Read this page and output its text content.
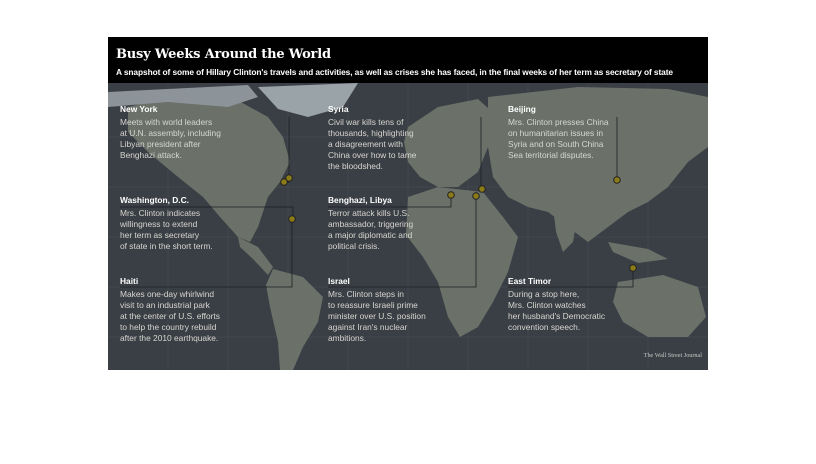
Busy Weeks Around the World
A snapshot of some of Hillary Clinton's travels and activities, as well as crises she has faced, in the final weeks of her term as secretary of state
New York
Meets with world leaders
at U.N. assembly, including
Libyan president after
Benghazi attack.
Washington, D.C.
Mrs. Clinton indicates
willingness to extend
her term as secretary
of state in the short term.
Haiti
Makes one-day whirlwind
visit to an industrial park
at the center of U.S. efforts
to help the country rebuild
after the 2010 earthquake.
Syria
Civil war kills tens of
thousands, highlighting
a disagreement with
China over how to tame
the bloodshed.
Benghazi, Libya
Terror attack kills U.S.
ambassador, triggering
a major diplomatic and
political crisis.
Israel
Mrs. Clinton steps in
to reassure Israeli prime
minister over U.S. position
against Iran's nuclear
ambitions.
Beijing
Mrs. Clinton presses China
on humanitarian issues in
Syria and on South China
Sea territorial disputes.
East Timor
During a stop here,
Mrs. Clinton watches
her husband's Democratic
convention speech.
The Wall Street Journal
